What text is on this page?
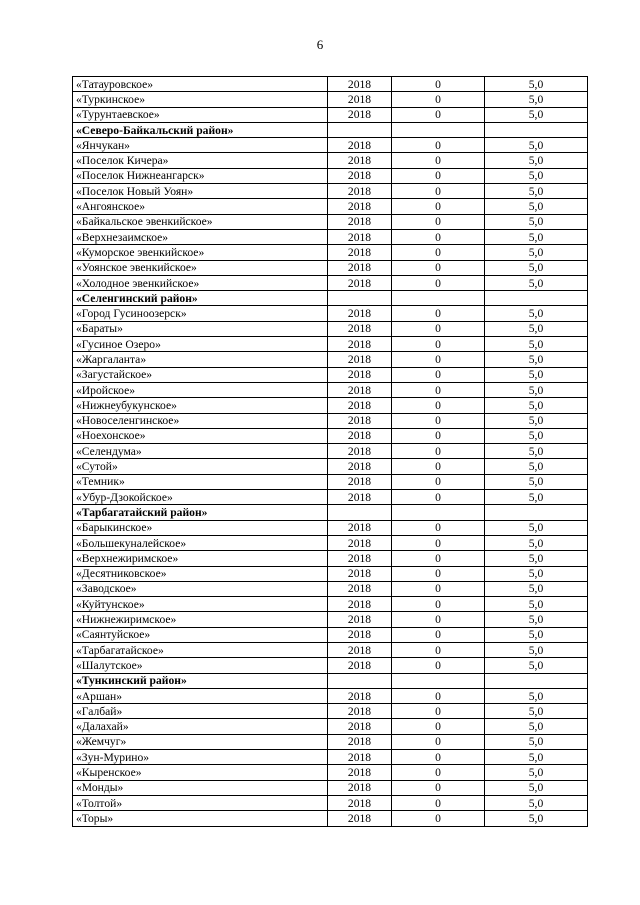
6
«Татауровское»	2018	0	5,0
«Туркинское»	2018	0	5,0
«Турунтаевское»	2018	0	5,0
«Северо-Байкальский район»			
«Янчукан»	2018	0	5,0
«Поселок Кичера»	2018	0	5,0
«Поселок Нижнеангарск»	2018	0	5,0
«Поселок Новый Уоян»	2018	0	5,0
«Ангоянское»	2018	0	5,0
«Байкальское эвенкийское»	2018	0	5,0
«Верхнезаимское»	2018	0	5,0
«Куморское эвенкийское»	2018	0	5,0
«Уоянское эвенкийское»	2018	0	5,0
«Холодное эвенкийское»	2018	0	5,0
«Селенгинский район»			
«Город Гусиноозерск»	2018	0	5,0
«Бараты»	2018	0	5,0
«Гусиное Озеро»	2018	0	5,0
«Жаргаланта»	2018	0	5,0
«Загустайское»	2018	0	5,0
«Иройское»	2018	0	5,0
«Нижнеубукунское»	2018	0	5,0
«Новоселенгинское»	2018	0	5,0
«Ноехонское»	2018	0	5,0
«Селендума»	2018	0	5,0
«Сутой»	2018	0	5,0
«Темник»	2018	0	5,0
«Убур-Дзокойское»	2018	0	5,0
«Тарбагатайский район»			
«Барыкинское»	2018	0	5,0
«Большекуналейское»	2018	0	5,0
«Верхнежиримское»	2018	0	5,0
«Десятниковское»	2018	0	5,0
«Заводское»	2018	0	5,0
«Куйтунское»	2018	0	5,0
«Нижнежиримское»	2018	0	5,0
«Саянтуйское»	2018	0	5,0
«Тарбагатайское»	2018	0	5,0
«Шалутское»	2018	0	5,0
«Тункинский район»			
«Аршан»	2018	0	5,0
«Галбай»	2018	0	5,0
«Далахай»	2018	0	5,0
«Жемчуг»	2018	0	5,0
«Зун-Мурино»	2018	0	5,0
«Кыренское»	2018	0	5,0
«Монды»	2018	0	5,0
«Толтой»	2018	0	5,0
«Торы»	2018	0	5,0
